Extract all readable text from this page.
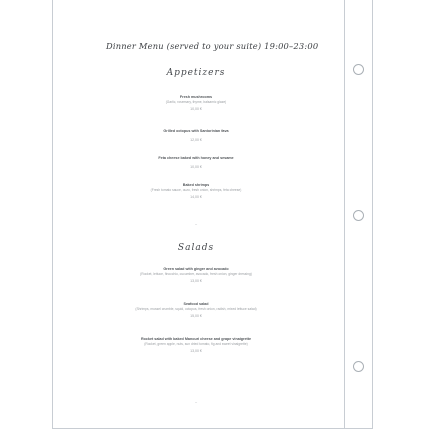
Dinner Menu (served to your suite) 19:00–23:00
Appetizers
Fresh mushrooms
(Garlic, rosemary, thyme, balsamic glaze)
10,00 €
Grilled octopus with Santorinian fava
12,00 €
Feta cheese baked with honey and sesame
10,00 €
Baked shrimps
(Fresh tomato sauce, ouzo, fresh onion, shrimps, feta cheese)
14,00 €
~
Salads
Green salad with ginger and avocado
(Rocket, lettuce, finocchio, cucumber, avocado, fresh onion, ginger dressing)
13,00 €
Seafood salad
(Shrimps, mussel crumble, squid, octopus, fresh onion, radish, mixed lettuce salad)
15,00 €
Rocket salad with baked Manouri cheese and grape vinaigrette
(Rocket, green apple, nuts, sun dried tomato, fig and sweet vinaigrette)
13,00 €
~
